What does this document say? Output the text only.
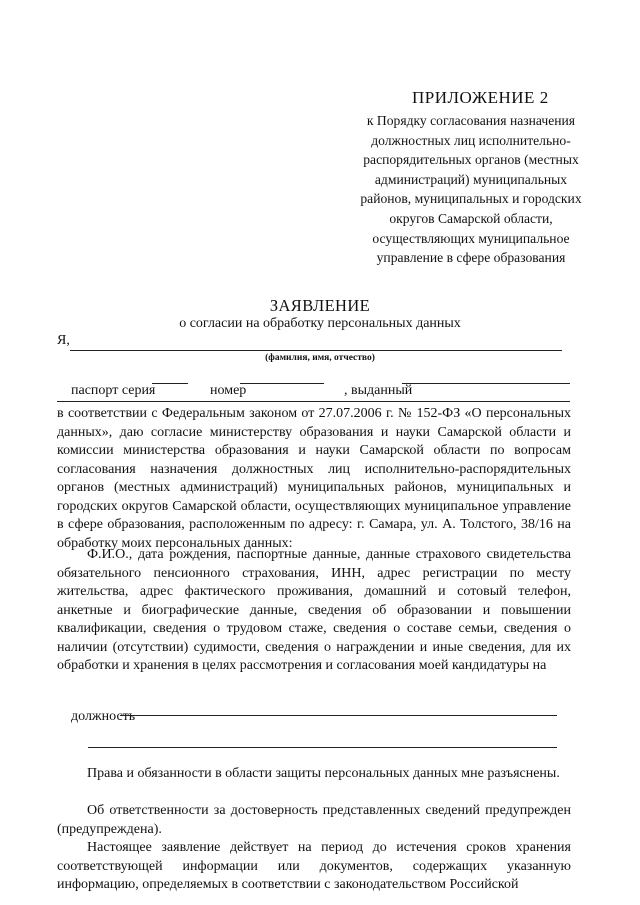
ПРИЛОЖЕНИЕ 2
к Порядку согласования назначения
должностных лиц исполнительно-
распорядительных органов (местных
администраций) муниципальных
районов, муниципальных и городских
округов Самарской области,
осуществляющих муниципальное
управление в сфере образования
ЗАЯВЛЕНИЕ
о согласии на обработку персональных данных
Я,
(фамилия, имя, отчество)

паспорт серия
	номер
	, выданный

в соответствии с Федеральным законом от 27.07.2006 г. № 152-ФЗ «О персональных данных», даю согласие министерству образования и науки Самарской области и комиссии министерства образования и науки Самарской области по вопросам согласования назначения должностных лиц исполнительно-распорядительных органов (местных администраций) муниципальных районов, муниципальных и городских округов Самарской области, осуществляющих муниципальное управление в сфере образования, расположенным по адресу: г. Самара, ул. А. Толстого, 38/16 на обработку моих персональных данных:
Ф.И.О., дата рождения, паспортные данные, данные страхового свидетельства обязательного пенсионного страхования, ИНН, адрес регистрации по месту жительства, адрес фактического проживания, домашний и сотовый телефон, анкетные и биографические данные, сведения об образовании и повышении квалификации, сведения о трудовом стаже, сведения о составе семьи, сведения о наличии (отсутствии) судимости, сведения о награждении и иные сведения, для их обработки и хранения в целях рассмотрения и согласования моей кандидатуры на

должность

Права и обязанности в области защиты персональных данных мне разъяснены.
Об ответственности за достоверность представленных сведений предупрежден (предупреждена).
Настоящее заявление действует на период до истечения сроков хранения соответствующей информации или документов, содержащих указанную информацию, определяемых в соответствии с законодательством Российской
